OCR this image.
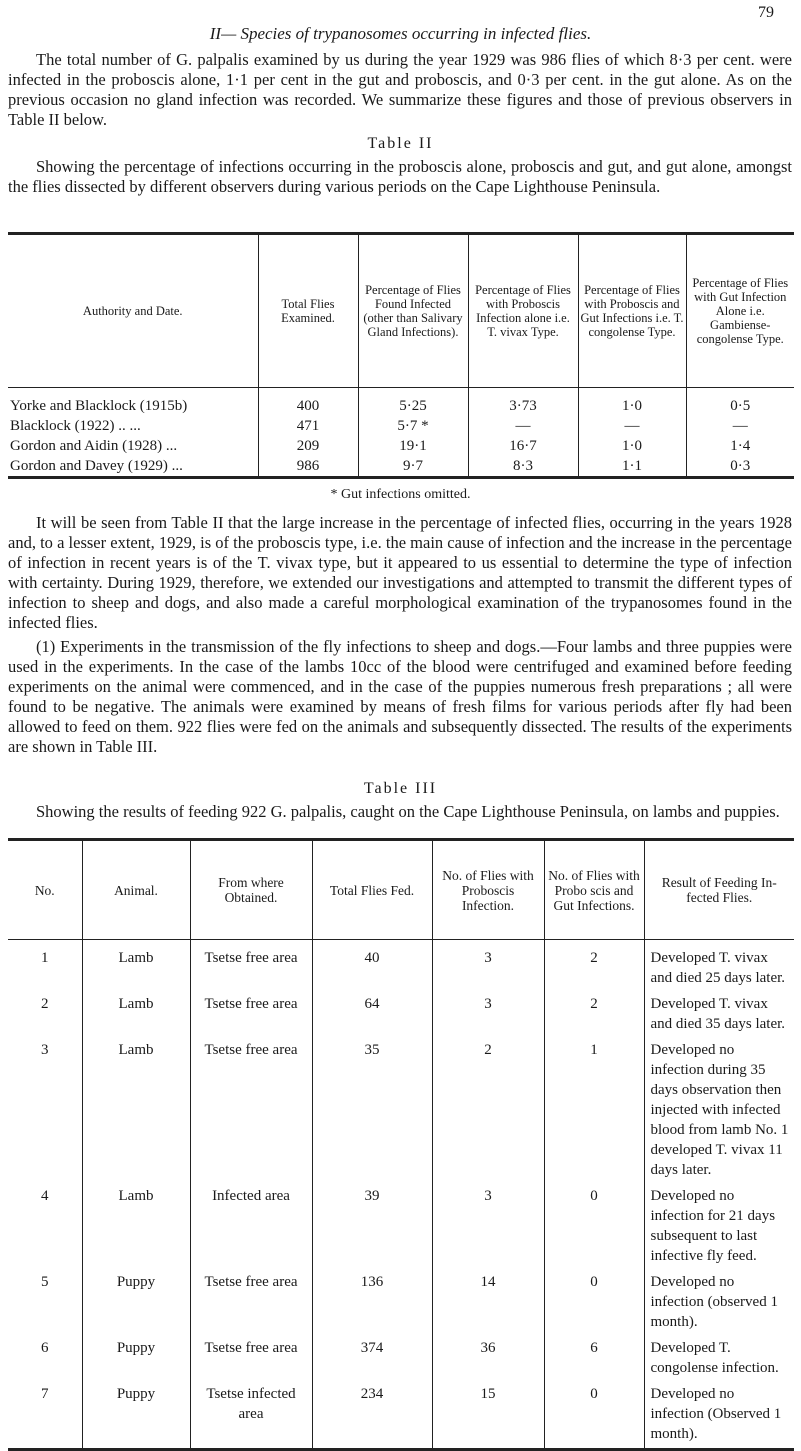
79
II— Species of trypanosomes occurring in infected flies.

The total number of G. palpalis examined by us during the year 1929 was 986 flies of which 8·3 per cent. were infected in the proboscis alone, 1·1 per cent in the gut and proboscis, and 0·3 per cent. in the gut alone. As on the previous occasion no gland infection was recorded. We summarize these figures and those of previous observers in Table II below.

Table II

Showing the percentage of infections occurring in the proboscis alone, proboscis and gut, and gut alone, amongst the flies dissected by different observers during various periods on the Cape Lighthouse Peninsula.

Authority and Date.	Total Flies Examined.	Percentage of Flies Found Infected (other than Salivary Gland Infections).	Percentage of Flies with Proboscis Infection alone i.e. T. vivax Type.	Percentage of Flies with Proboscis and Gut Infections i.e. T. congolense Type.	Percentage of Flies with Gut Infection Alone i.e. Gambiense-congolense Type.
Yorke and Blacklock (1915b)	400	5·25	3·73	1·0	0·5
Blacklock (1922) .. ...	471	5·7 *	—	—	—
Gordon and Aidin (1928) ...	209	19·1	16·7	1·0	1·4
Gordon and Davey (1929) ...	986	9·7	8·3	1·1	0·3
* Gut infections omitted.

It will be seen from Table II that the large increase in the percentage of infected flies, occurring in the years 1928 and, to a lesser extent, 1929, is of the proboscis type, i.e. the main cause of infection and the increase in the percentage of infection in recent years is of the T. vivax type, but it appeared to us essential to determine the type of infection with certainty. During 1929, therefore, we extended our investigations and attempted to transmit the different types of infection to sheep and dogs, and also made a careful morphological examination of the trypanosomes found in the infected flies.

(1) Experiments in the transmission of the fly infections to sheep and dogs.—Four lambs and three puppies were used in the experiments. In the case of the lambs 10cc of the blood were centrifuged and examined before feeding experiments on the animal were commenced, and in the case of the puppies numerous fresh preparations ; all were found to be negative. The animals were examined by means of fresh films for various periods after fly had been allowed to feed on them. 922 flies were fed on the animals and subsequently dissected. The results of the experiments are shown in Table III.

Table III

Showing the results of feeding 922 G. palpalis, caught on the Cape Lighthouse Peninsula, on lambs and puppies.

No.	Animal.	From where Obtained.	Total Flies Fed.	No. of Flies with Proboscis Infection.	No. of Flies with Probo scis and Gut Infections.	Result of Feeding In-fected Flies.
1	Lamb	Tsetse free area	40	3	2	Developed T. vivax and died 25 days later.
2	Lamb	Tsetse free area	64	3	2	Developed T. vivax and died 35 days later.
3	Lamb	Tsetse free area	35	2	1	Developed no infection during 35 days observation then injected with infected blood from lamb No. 1 developed T. vivax 11 days later.
4	Lamb	Infected area	39	3	0	Developed no infection for 21 days subsequent to last infective fly feed.
5	Puppy	Tsetse free area	136	14	0	Developed no infection (observed 1 month).
6	Puppy	Tsetse free area	374	36	6	Developed T. congolense infection.
7	Puppy	Tsetse infected area	234	15	0	Developed no infection (Observed 1 month).
